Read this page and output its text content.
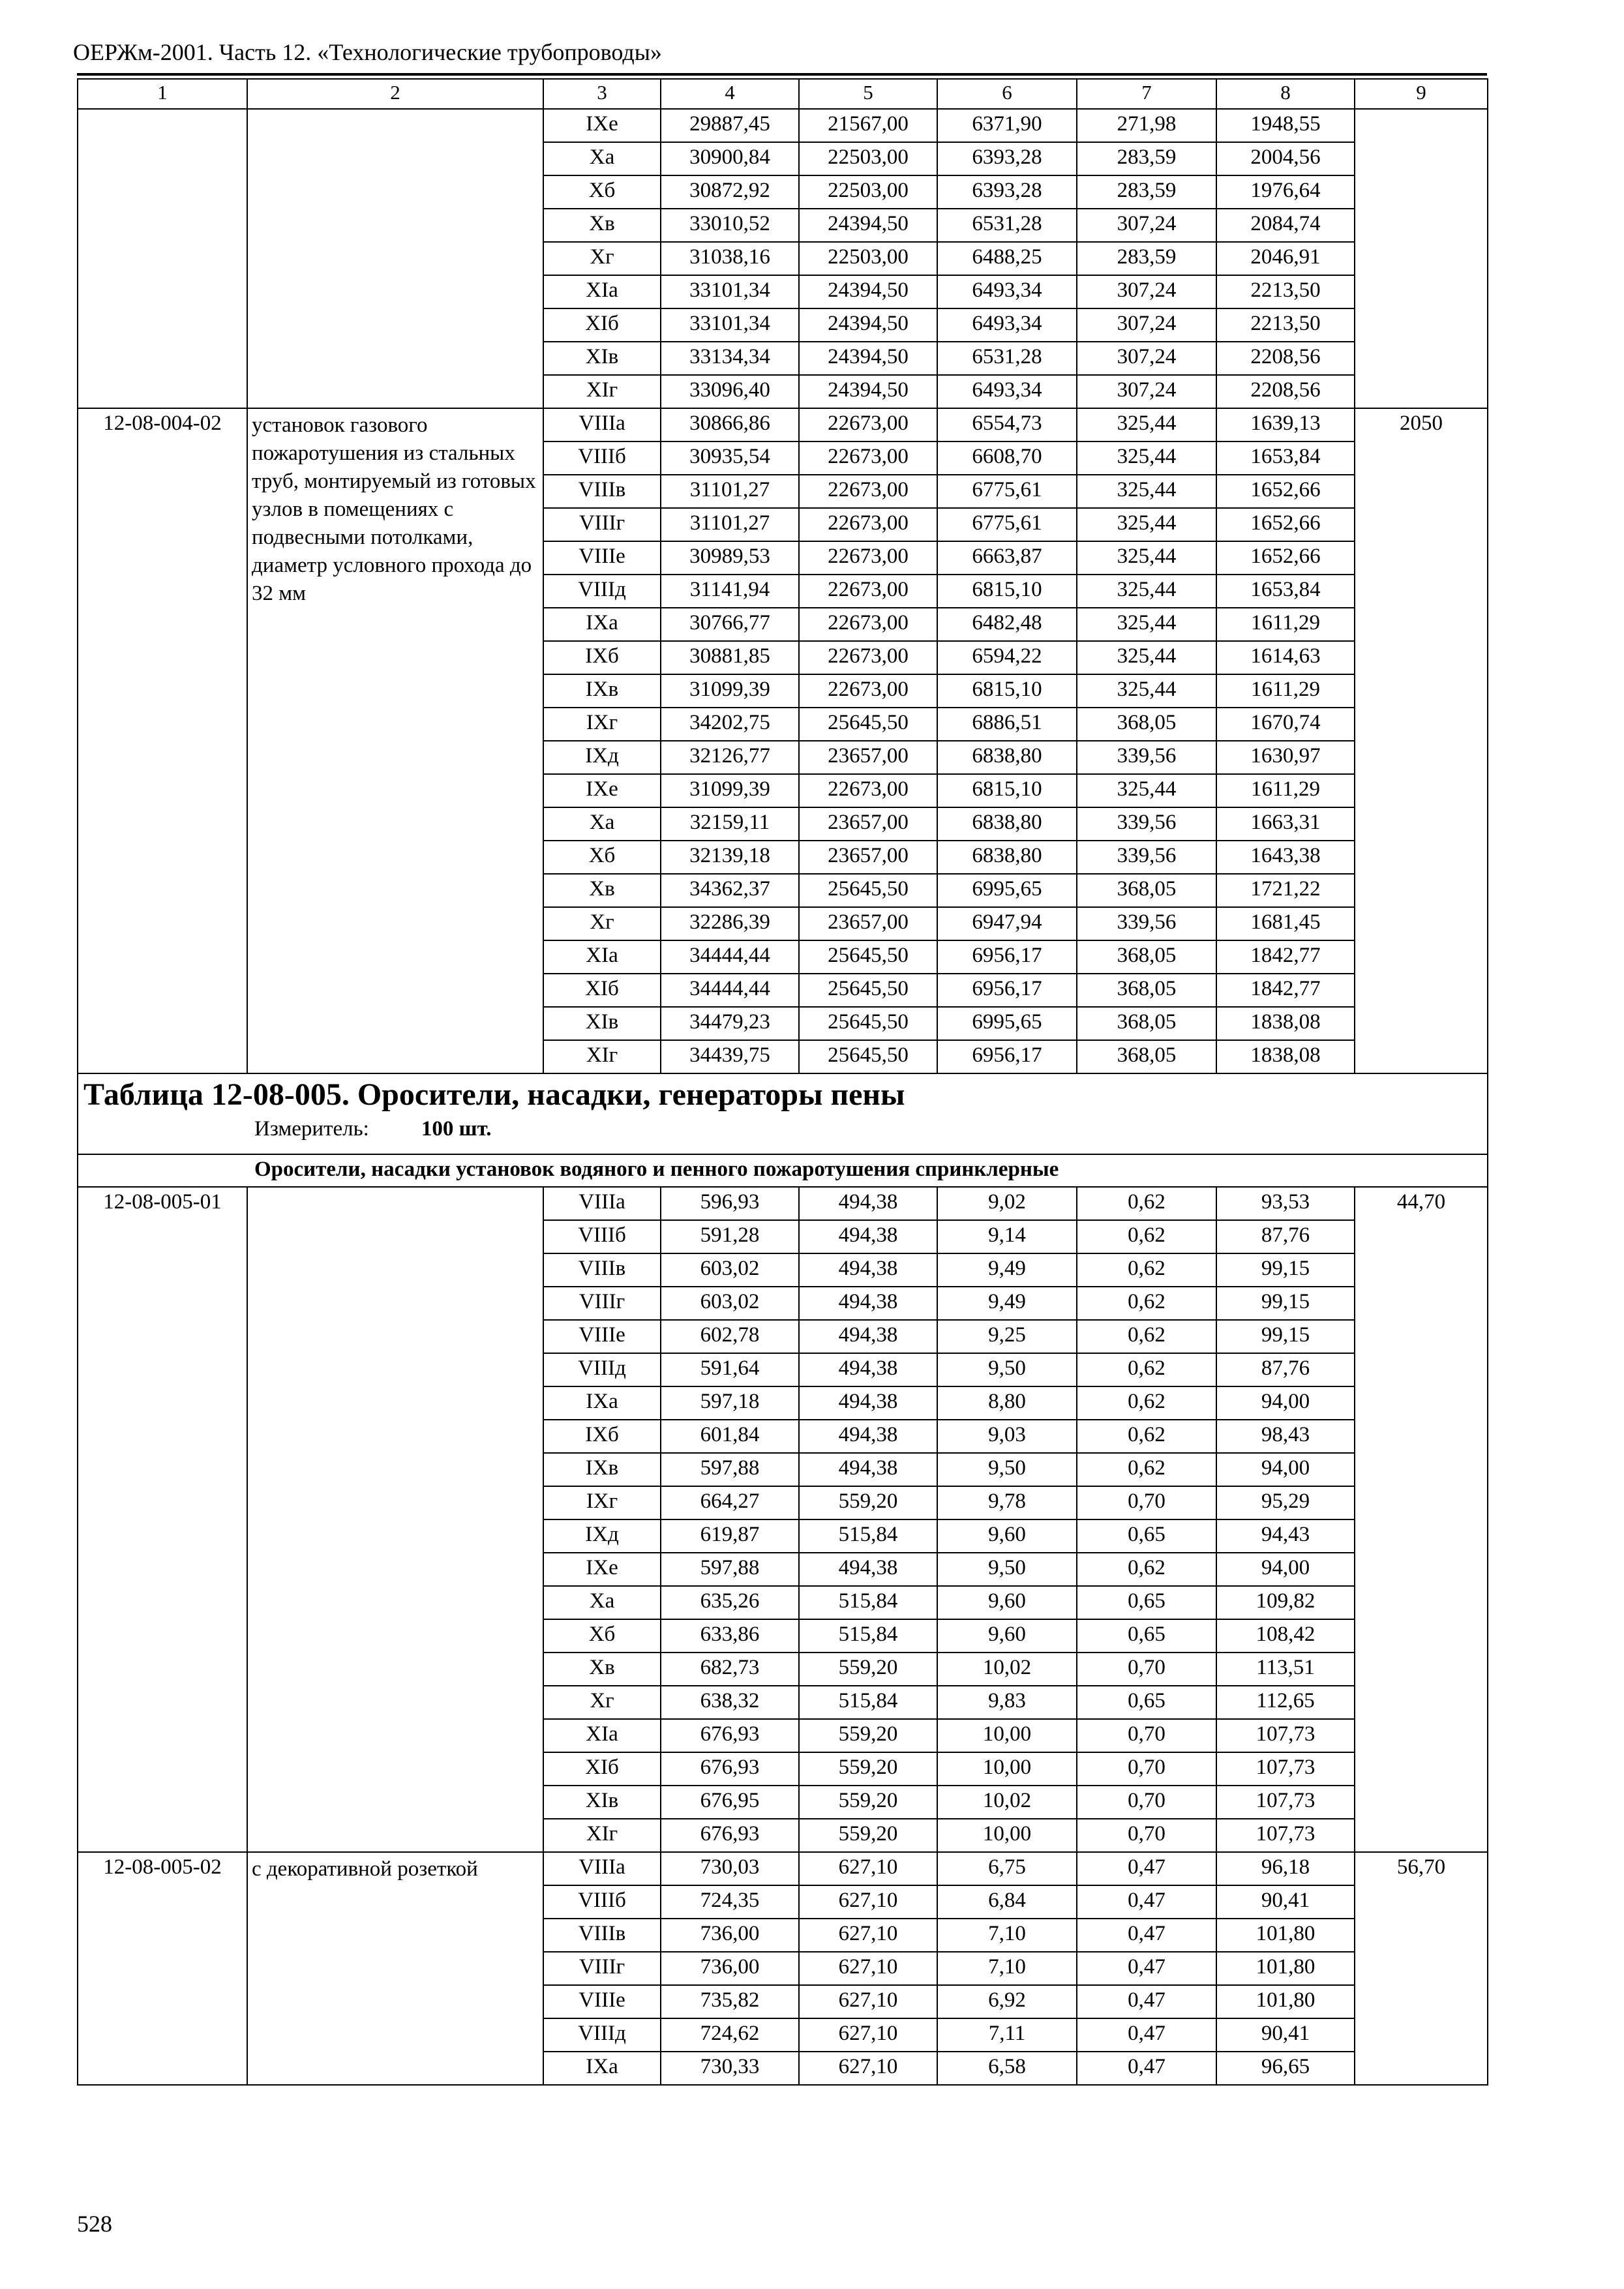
ОЕРЖм-2001. Часть 12. «Технологические трубопроводы»
1	2	3	4	5	6	7	8	9
		IXе	29887,45	21567,00	6371,90	271,98	1948,55	
		Xа	30900,84	22503,00	6393,28	283,59	2004,56	
		Xб	30872,92	22503,00	6393,28	283,59	1976,64	
		Xв	33010,52	24394,50	6531,28	307,24	2084,74	
		Xг	31038,16	22503,00	6488,25	283,59	2046,91	
		XIа	33101,34	24394,50	6493,34	307,24	2213,50	
		XIб	33101,34	24394,50	6493,34	307,24	2213,50	
		XIв	33134,34	24394,50	6531,28	307,24	2208,56	
		XIг	33096,40	24394,50	6493,34	307,24	2208,56	
12-08-004-02	установок газового пожаротушения из стальных труб, монтируемый из готовых узлов в помещениях с подвесными потолками, диаметр условного прохода до 32 мм	VIIIа	30866,86	22673,00	6554,73	325,44	1639,13	2050
		VIIIб	30935,54	22673,00	6608,70	325,44	1653,84	
		VIIIв	31101,27	22673,00	6775,61	325,44	1652,66	
		VIIIг	31101,27	22673,00	6775,61	325,44	1652,66	
		VIIIе	30989,53	22673,00	6663,87	325,44	1652,66	
		VIIIд	31141,94	22673,00	6815,10	325,44	1653,84	
		IXа	30766,77	22673,00	6482,48	325,44	1611,29	
		IXб	30881,85	22673,00	6594,22	325,44	1614,63	
		IXв	31099,39	22673,00	6815,10	325,44	1611,29	
		IXг	34202,75	25645,50	6886,51	368,05	1670,74	
		IXд	32126,77	23657,00	6838,80	339,56	1630,97	
		IXе	31099,39	22673,00	6815,10	325,44	1611,29	
		Xа	32159,11	23657,00	6838,80	339,56	1663,31	
		Xб	32139,18	23657,00	6838,80	339,56	1643,38	
		Xв	34362,37	25645,50	6995,65	368,05	1721,22	
		Xг	32286,39	23657,00	6947,94	339,56	1681,45	
		XIа	34444,44	25645,50	6956,17	368,05	1842,77	
		XIб	34444,44	25645,50	6956,17	368,05	1842,77	
		XIв	34479,23	25645,50	6995,65	368,05	1838,08	
		XIг	34439,75	25645,50	6956,17	368,05	1838,08	

Таблица 12-08-005. Оросители, насадки, генераторы пены
Измеритель: 100 шт.								

Оросители, насадки установок водяного и пенного пожаротушения спринклерные								
12-08-005-01		VIIIа	596,93	494,38	9,02	0,62	93,53	44,70
		VIIIб	591,28	494,38	9,14	0,62	87,76	
		VIIIв	603,02	494,38	9,49	0,62	99,15	
		VIIIг	603,02	494,38	9,49	0,62	99,15	
		VIIIе	602,78	494,38	9,25	0,62	99,15	
		VIIIд	591,64	494,38	9,50	0,62	87,76	
		IXа	597,18	494,38	8,80	0,62	94,00	
		IXб	601,84	494,38	9,03	0,62	98,43	
		IXв	597,88	494,38	9,50	0,62	94,00	
		IXг	664,27	559,20	9,78	0,70	95,29	
		IXд	619,87	515,84	9,60	0,65	94,43	
		IXе	597,88	494,38	9,50	0,62	94,00	
		Xа	635,26	515,84	9,60	0,65	109,82	
		Xб	633,86	515,84	9,60	0,65	108,42	
		Xв	682,73	559,20	10,02	0,70	113,51	
		Xг	638,32	515,84	9,83	0,65	112,65	
		XIа	676,93	559,20	10,00	0,70	107,73	
		XIб	676,93	559,20	10,00	0,70	107,73	
		XIв	676,95	559,20	10,02	0,70	107,73	
		XIг	676,93	559,20	10,00	0,70	107,73	
12-08-005-02	с декоративной розеткой	VIIIа	730,03	627,10	6,75	0,47	96,18	56,70
		VIIIб	724,35	627,10	6,84	0,47	90,41	
		VIIIв	736,00	627,10	7,10	0,47	101,80	
		VIIIг	736,00	627,10	7,10	0,47	101,80	
		VIIIе	735,82	627,10	6,92	0,47	101,80	
		VIIIд	724,62	627,10	7,11	0,47	90,41	
		IXа	730,33	627,10	6,58	0,47	96,65	
528
